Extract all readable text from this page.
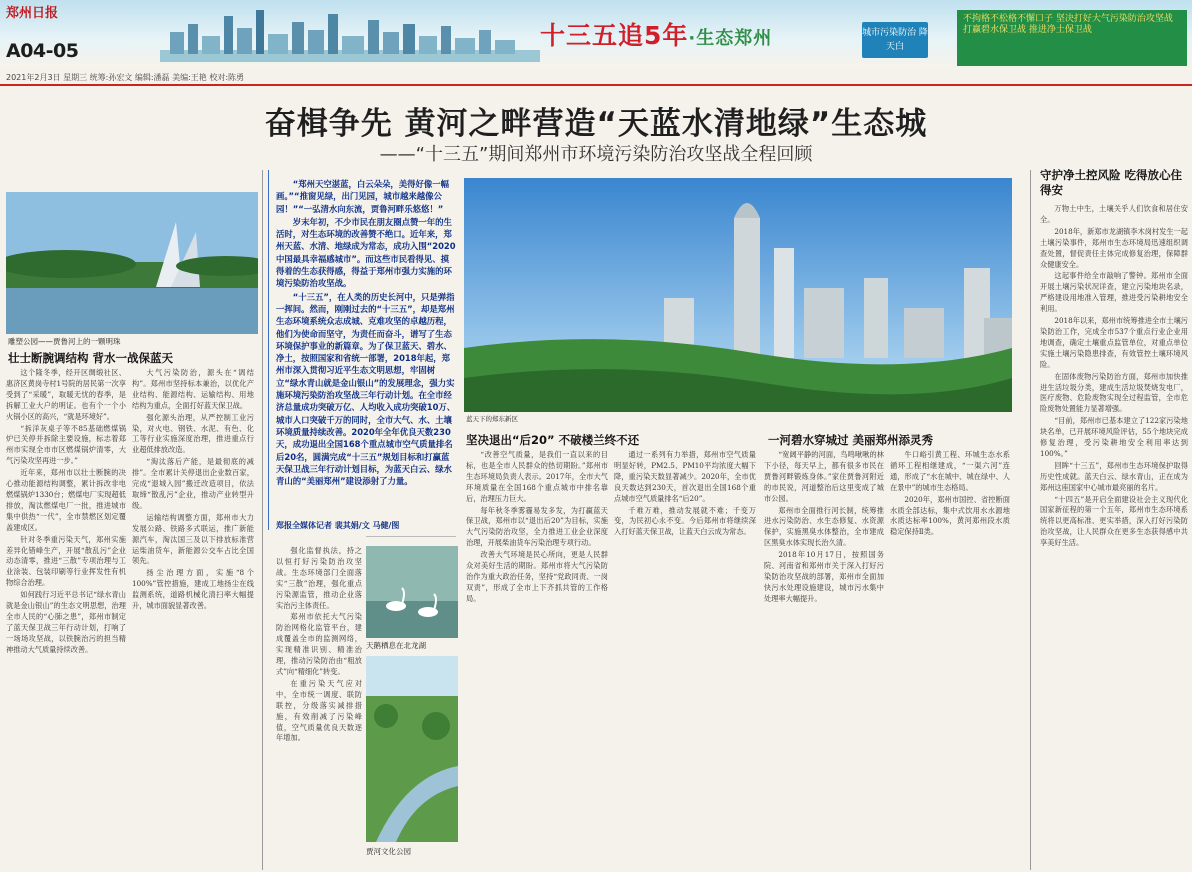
郑州日报
A04-05
十三五追5年·生态郑州	城市污染防治 降天白
不拘格不松格不懈口子 坚决打好大气污染防治攻坚战 打赢碧水保卫战 推进净土保卫战
2021年2月3日 星期三 统筹:孙宏文 编辑:潘磊 美编:王艳 校对:陈勇
奋楫争先 黄河之畔营造“天蓝水清地绿”生态城
——“十三五”期间郑州市环境污染防治攻坚战全程回顾
雕塑公园——贾鲁河上的一颗明珠
壮士断腕调结构 背水一战保蓝天

这个隆冬季，经开区绸缎社区、惠济区黄岗寺村1号院的居民第一次享受到了“采暖”，取暖无忧的春季，是拆解工业大户的明证。也有个一个小火锅小区的高兴，“就是环境好”。

“拆洋灰桌子等不85基础燃煤锅炉已关停并拆除主要设施，标志着郑州市实现全市市区燃煤锅炉清零，大气污染攻坚再进一步。”

近年来，郑州市以壮士断腕的决心推动能源结构调整，累计拆改非电燃煤锅炉1330台；燃煤电厂实现超低排放，淘汰燃煤电厂一批，推进城市集中供热“一代”，全市禁燃区划定覆盖建成区。

针对冬季重污染天气，郑州实施差异化错峰生产，开展“散乱污”企业动态清零，推进“三散”专项治理与工业涂装、包装印刷等行业挥发性有机物综合治理。

如何践行习近平总书记“绿水青山就是金山银山”的生态文明思想，治理全市人民的“心肺之患”，郑州市制定了蓝天保卫战三年行动计划，打响了一场场攻坚战，以铁腕治污的担当精神推动大气质量持续改善。

大气污染防治，源头在“调结构”。郑州市坚持标本兼治，以优化产业结构、能源结构、运输结构、用地结构为重点，全面打好蓝天保卫战。

强化源头治理，从严控制工业污染，对火电、钢铁、水泥、有色、化工等行业实施深度治理，推进重点行业超低排放改造。

“淘汰落后产能，是最彻底的减排”。全市累计关停退出企业数百家，完成“退城入园”搬迁改造项目，依法取缔“散乱污”企业，推动产业转型升级。

运输结构调整方面，郑州市大力发展公路、铁路多式联运，推广新能源汽车，淘汰国三及以下排放标准营运柴油货车，新能源公交车占比全国领先。

扬尘治理方面，实施“8个100%”管控措施，建成工地扬尘在线监测系统，道路机械化清扫率大幅提升，城市面貌显著改善。

“郑州天空湛蓝，白云朵朵，美得好像一幅画。”“推窗见绿，出门见园，城市越来越像公园！”“一弘清水向东流，贾鲁河畔乐悠悠！”

岁末年初，不少市民在朋友圈点赞一年的生活时，对生态环境的改善赞不绝口。近年来，郑州天蓝、水清、地绿成为常态，成功入围“2020中国最具幸福感城市”。而这些市民看得见、摸得着的生态获得感，得益于郑州市强力实施的环境污染防治攻坚战。

“十三五”，在人类的历史长河中，只是弹指一挥间。然而，刚刚过去的“十三五”，却是郑州生态环境系统众志成城、克难攻坚的卓越历程，他们为使命而坚守，为责任而奋斗，谱写了生态环境保护事业的新篇章。为了保卫蓝天、碧水、净土，按照国家和省统一部署，2018年起，郑州市深入贯彻习近平生态文明思想，牢固树立“绿水青山就是金山银山”的发展理念，强力实施环境污染防治攻坚战三年行动计划。在全市经济总量成功突破万亿、人均收入成功突破10万、城市人口突破千万的同时，全市大气、水、土壤环境质量持续改善。2020年全年优良天数230天，成功退出全国168个重点城市空气质量排名后20名，圆满完成“十三五”规划目标和打赢蓝天保卫战三年行动计划目标，为蓝天白云、绿水青山的“美丽郑州”建设添射了力量。

郑报全媒体记者 裴其娟/文 马健/图

强化监督执法，持之以恒打好污染防治攻坚战。生态环境部门全面落实“三散”治理，强化重点污染源监管，推动企业落实治污主体责任。

郑州市依托大气污染防治网格化监管平台，建成覆盖全市的监测网络，实现精准识别、精准治理，推动污染防治由“粗放式”向“精细化”转变。

在重污染天气应对中，全市统一调度、联防联控，分级落实减排措施，有效削减了污染峰值，空气质量优良天数逐年增加。

蓝天下的郑东新区
天鹅栖息在北龙湖
贾河文化公园
坚决退出“后20” 不破楼兰终不还

“改善空气质量，是我们一直以来的目标，也是全市人民群众的热切期盼。”郑州市生态环境局负责人表示。2017年，全市大气环境质量在全国168个重点城市中排名靠后，治理压力巨大。

每年秋冬季雾霾易发多发，为打赢蓝天保卫战，郑州市以“退出后20”为目标，实施大气污染防治攻坚，全力推进工业企业深度治理，开展柴油货车污染治理专项行动。

改善大气环境是民心所向，更是人民群众对美好生活的期盼。郑州市将大气污染防治作为重大政治任务，坚持“党政同责、一岗双责”，形成了全市上下齐抓共管的工作格局。

通过一系列有力举措，郑州市空气质量明显好转，PM2.5、PM10平均浓度大幅下降，重污染天数显著减少。2020年，全市优良天数达到230天，首次退出全国168个重点城市空气质量排名“后20”。

千难万难，推动发展就不难；千变万变，为民初心永不变。今后郑州市将继续深入打好蓝天保卫战，让蓝天白云成为常态。

一河碧水穿城过 美丽郑州添灵秀

“宽阔平静的河面，鸟鸣啾啾的林下小径，每天早上，都有很多市民在贾鲁河畔锻炼身体。”家住贾鲁河附近的市民说，河道整治后这里变成了城市公园。

郑州市全面推行河长制，统筹推进水污染防治、水生态修复、水资源保护，实施黑臭水体整治，全市建成区黑臭水体实现长治久清。

2018年10月17日，按照国务院、河南省和郑州市关于深入打好污染防治攻坚战的部署，郑州市全面加快污水处理设施建设，城市污水集中处理率大幅提升。

牛口峪引黄工程、环城生态水系循环工程相继建成，“一渠六河”连通，形成了“水在城中、城在绿中、人在景中”的城市生态格局。

2020年，郑州市国控、省控断面水质全部达标，集中式饮用水水源地水质达标率100%，黄河郑州段水质稳定保持Ⅱ类。

守护净土控风险 吃得放心住得安

万物土中生，土壤关乎人们饮食和居住安全。

2018年，新郑市龙湖镇李木岗村发生一起土壤污染事件，郑州市生态环境局迅速组织调查处置，督促责任主体完成修复治理，保障群众健康安全。

这起事件给全市敲响了警钟。郑州市全面开展土壤污染状况详查，建立污染地块名录，严格建设用地准入管理，推进受污染耕地安全利用。

2018年以来，郑州市统筹推进全市土壤污染防治工作，完成全市537个重点行业企业用地调查，确定土壤重点监管单位，对重点单位实施土壤污染隐患排查，有效管控土壤环境风险。

在固体废物污染防治方面，郑州市加快推进生活垃圾分类，建成生活垃圾焚烧发电厂，医疗废物、危险废物实现全过程监管，全市危险废物处置能力显著增强。

“目前，郑州市已基本建立了122家污染地块名单，已开展环境风险评估，55个地块完成修复治理，受污染耕地安全利用率达到100%。”

回眸“十三五”，郑州市生态环境保护取得历史性成就。蓝天白云、绿水青山，正在成为郑州这座国家中心城市最亮丽的名片。

“十四五”是开启全面建设社会主义现代化国家新征程的第一个五年，郑州市生态环境系统将以更高标准、更实举措，深入打好污染防治攻坚战，让人民群众在更多生态获得感中共享美好生活。
